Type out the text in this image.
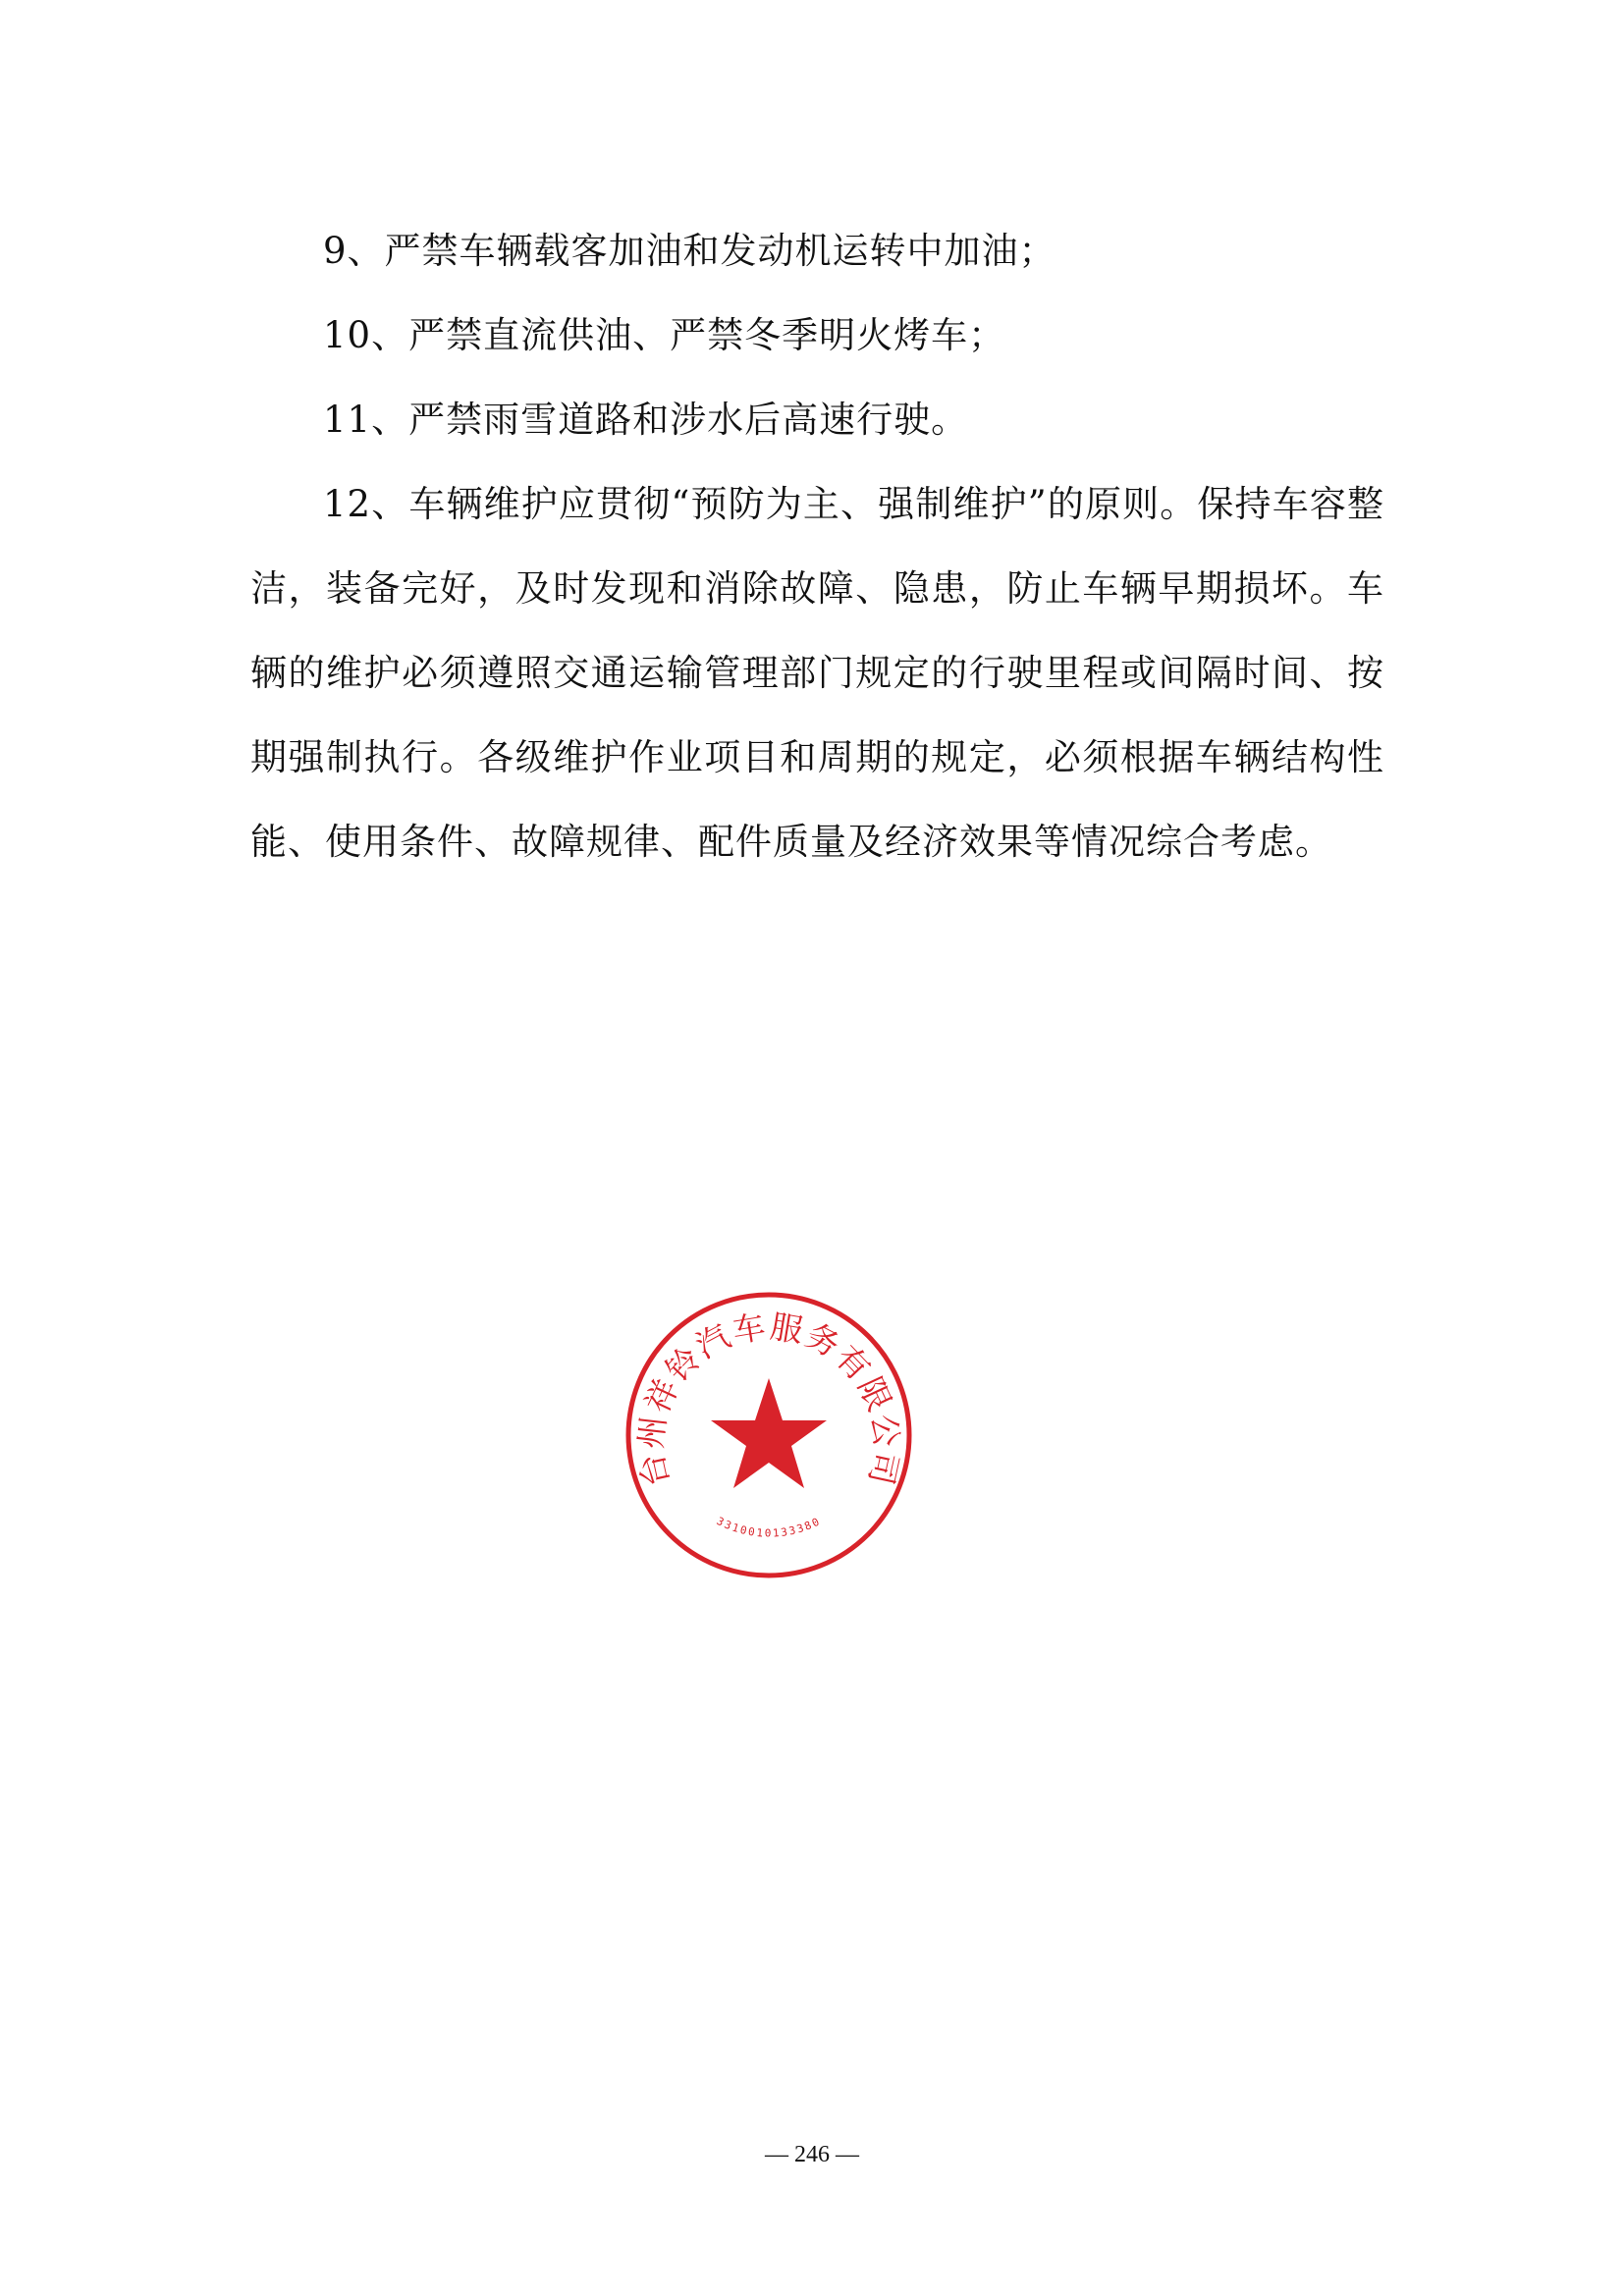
9、严禁车辆载客加油和发动机运转中加油；

10、严禁直流供油、严禁冬季明火烤车；

11、严禁雨雪道路和涉水后高速行驶。

12、车辆维护应贯彻“预防为主、强制维护”的原则。保持车容整洁，装备完好，及时发现和消除故障、隐患，防止车辆早期损坏。车辆的维护必须遵照交通运输管理部门规定的行驶里程或间隔时间、按期强制执行。各级维护作业项目和周期的规定，必须根据车辆结构性能、使用条件、故障规律、配件质量及经济效果等情况综合考虑。

台州祥铃汽车服务有限公司
3310010133380
— 246 —
